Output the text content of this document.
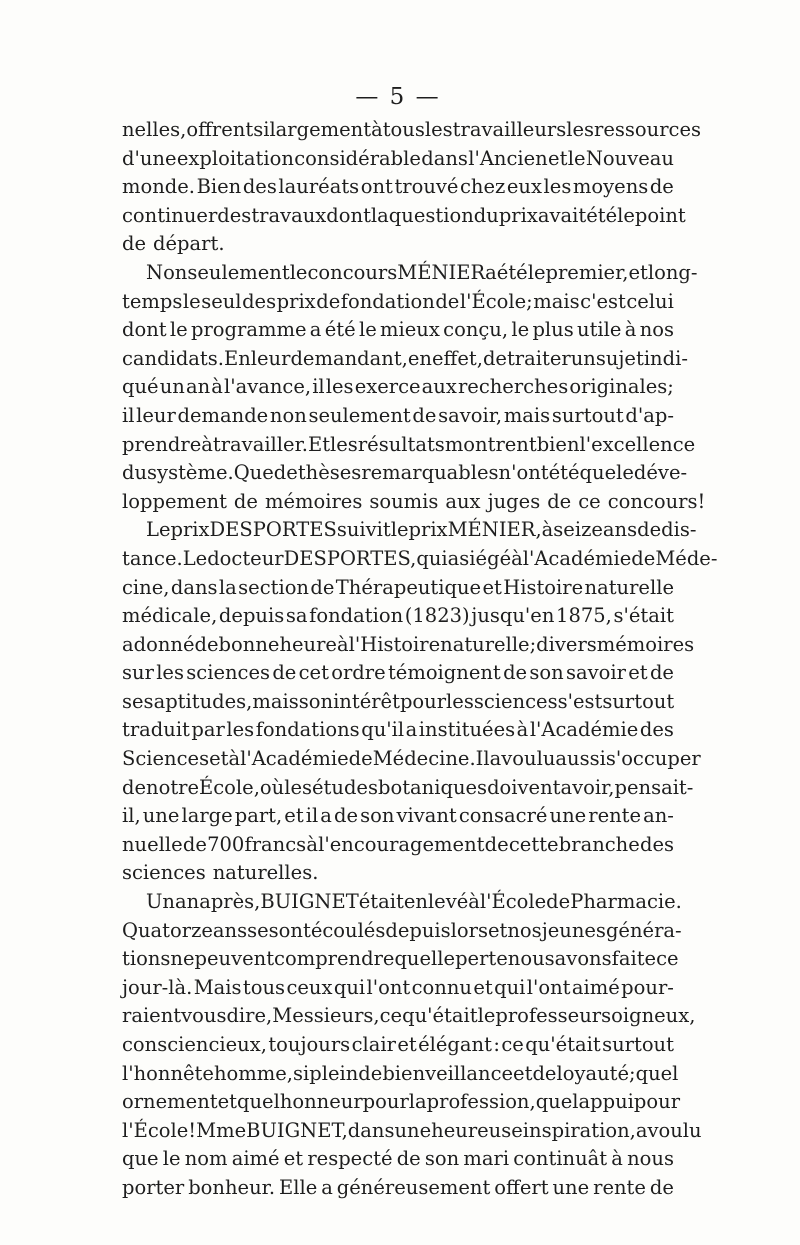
— 5 —
nelles, offrent si largement à tous les travailleurs les ressources
d'une exploitation considérable dans l'Ancien et le Nouveau
monde. Bien des lauréats ont trouvé chez eux les moyens de
continuer des travaux dont la question du prix avait été le point
de départ.
Non seulement le concours MÉNIER a été le premier, et long-
temps le seul des prix de fondation de l'École; mais c'est celui
dont le programme a été le mieux conçu, le plus utile à nos
candidats. En leur demandant, en effet, de traiter un sujet indi-
qué un an à l'avance, il les exerce aux recherches originales;
il leur demande non seulement de savoir, mais surtout d'ap-
prendre à travailler. Et les résultats montrent bien l'excellence
du système. Que de thèses remarquables n'ont été que le déve-
loppement de mémoires soumis aux juges de ce concours!
Le prix DESPORTES suivit le prix MÉNIER, à seize ans de dis-
tance. Le docteur DESPORTES, qui a siégé à l'Académie de Méde-
cine, dans la section de Thérapeutique et Histoire naturelle
médicale, depuis sa fondation (1823) jusqu'en 1875, s'était
adonné de bonne heure à l'Histoire naturelle; divers mémoires
sur les sciences de cet ordre témoignent de son savoir et de
ses aptitudes, mais son intérêt pour les sciences s'est surtout
traduit par les fondations qu'il a instituées à l'Académie des
Sciences et à l'Académie de Médecine. Il a voulu aussi s'occuper
de notre École, où les études botaniques doivent avoir, pensait-
il, une large part, et il a de son vivant consacré une rente an-
nuelle de 700 francs à l'encouragement de cette branche des
sciences naturelles.
Un an après, BUIGNET était enlevé à l'École de Pharmacie.
Quatorze ans se sont écoulés depuis lors et nos jeunes généra-
tions ne peuvent comprendre quelle perte nous avons faite ce
jour-là. Mais tous ceux qui l'ont connu et qui l'ont aimé pour-
raient vous dire, Messieurs, ce qu'était le professeur soigneux,
consciencieux, toujours clair et élégant : ce qu'était surtout
l'honnête homme, si plein de bienveillance et de loyauté; quel
ornement et quel honneur pour la profession, quel appui pour
l'École! Mme BUIGNET, dans une heureuse inspiration, a voulu
que le nom aimé et respecté de son mari continuât à nous
porter bonheur. Elle a généreusement offert une rente de
